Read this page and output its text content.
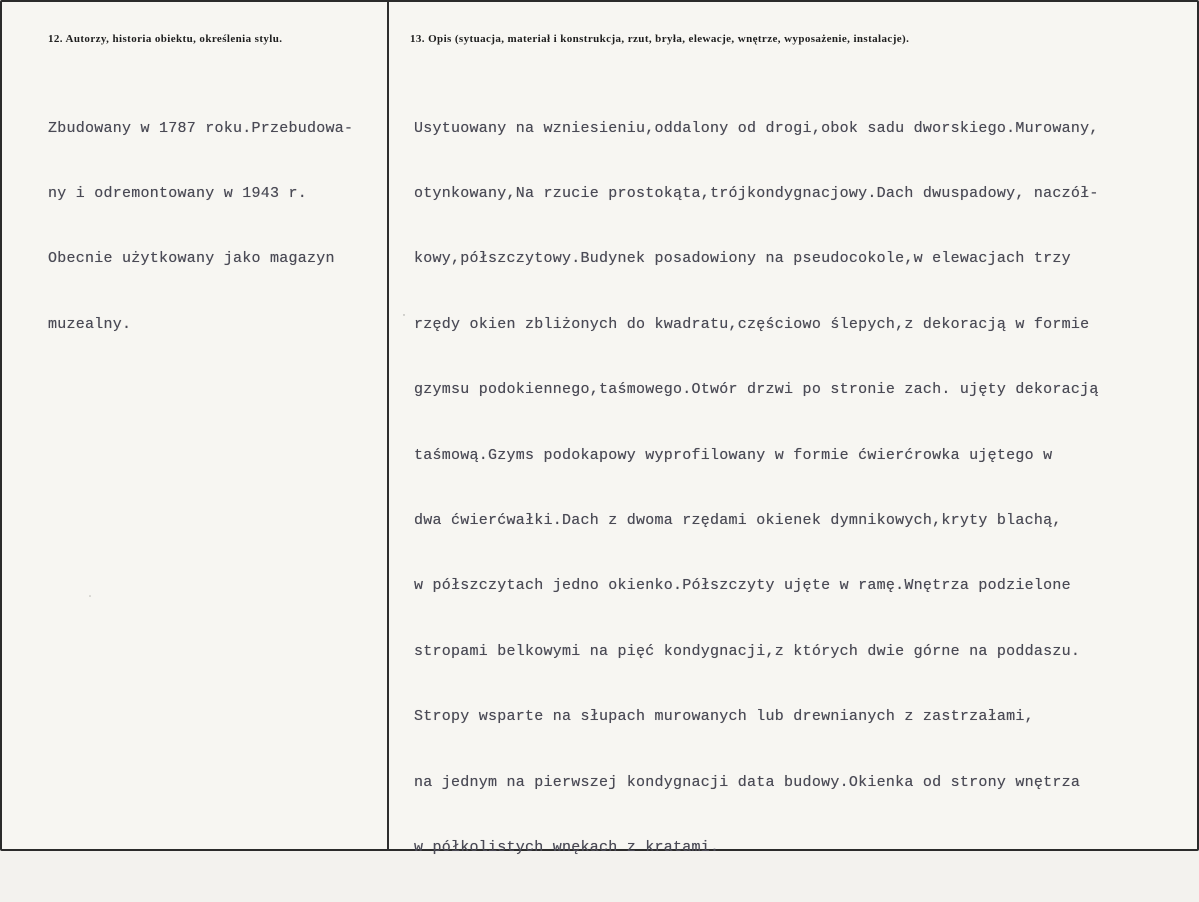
12. Autorzy, historia obiektu, określenia stylu.	13. Opis (sytuacja, materiał i konstrukcja, rzut, bryła, elewacje, wnętrze, wyposażenie, instalacje).

Zbudowany w 1787 roku.Przebudowa-

ny i odremontowany w 1943 r.

Obecnie użytkowany jako magazyn

muzealny.

Usytuowany na wzniesieniu,oddalony od drogi,obok sadu dworskiego.Murowany,

otynkowany,Na rzucie prostokąta,trójkondygnacjowy.Dach dwuspadowy, naczół-

kowy,półszczytowy.Budynek posadowiony na pseudocokole,w elewacjach trzy

rzędy okien zbliżonych do kwadratu,częściowo ślepych,z dekoracją w formie

gzymsu podokiennego,taśmowego.Otwór drzwi po stronie zach. ujęty dekoracją

taśmową.Gzyms podokapowy wyprofilowany w formie ćwierćrowka ujętego w

dwa ćwierćwałki.Dach z dwoma rzędami okienek dymnikowych,kryty blachą,

w półszczytach jedno okienko.Półszczyty ujęte w ramę.Wnętrza podzielone

stropami belkowymi na pięć kondygnacji,z których dwie górne na poddaszu.

Stropy wsparte na słupach murowanych lub drewnianych z zastrzałami,

na jednym na pierwszej kondygnacji data budowy.Okienka od strony wnętrza

w półkolistych wnękach z kratami.
